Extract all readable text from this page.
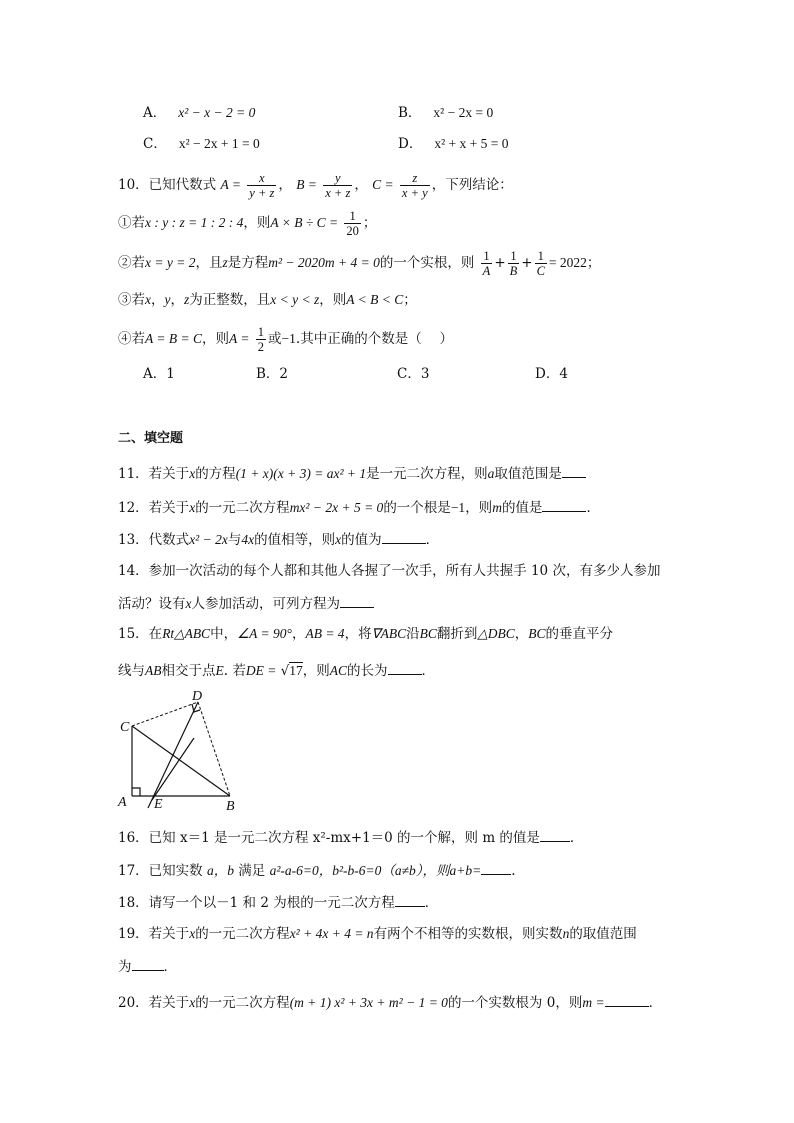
A． x² − x − 2 = 0	B． x² − 2x = 0
C． x² − 2x + 1 = 0	D． x² + x + 5 = 0
10．已知代数式 $A = \frac{x}{y + z}$ ， $B = \frac{y}{x + z}$ ， $C = \frac{z}{x + y}$ ，下列结论：
①若x : y : z = 1 : 2 : 4，则$A \times B \div C = \frac{1}{20}$ ；
②若x = y = 2，且z是方程m² − 2020m + 4 = 0的一个实根，则 $\frac{1}{A} + \frac{1}{B} + \frac{1}{C} = 2022$；
③若x，y，z为正整数，且x < y < z，则A < B < C；
④若A = B = C，则$A = \frac{1}{2}$ 或−1.其中正确的个数是（　 ）
A．1	B．2	C．3	D．4
二、填空题
11．若关于x的方程(1 + x)(x + 3) = ax² + 1是一元二次方程，则a取值范围是
12．若关于x的一元二次方程mx² − 2x + 5 = 0的一个根是−1，则m的值是	．
13．代数式x² − 2x与4x的值相等，则x的值为	．
14．参加一次活动的每个人都和其他人各握了一次手，所有人共握手 10 次，有多少人参加
活动？设有x人参加活动，可列方程为
15．在Rt△ABC中，∠A = 90°，AB = 4，将∇ABC沿BC翻折到△DBC，BC的垂直平分
线与AB相交于点E. 若DE = √17，则AC的长为	．
C
A E	B
D
16．已知 x＝1 是一元二次方程 x²-mx+1＝0 的一个解，则 m 的值是 ．
17．已知实数 a，b 满足 a²-a-6=0，b²-b-6=0（a≠b），则a+b= .
18．请写一个以－1 和 2 为根的一元二次方程 ．
19．若关于x的一元二次方程x² + 4x + 4 = n有两个不相等的实数根，则实数n的取值范围
为 ．
20．若关于x的一元二次方程(m + 1) x² + 3x + m² − 1 = 0的一个实数根为 0，则m =	．
